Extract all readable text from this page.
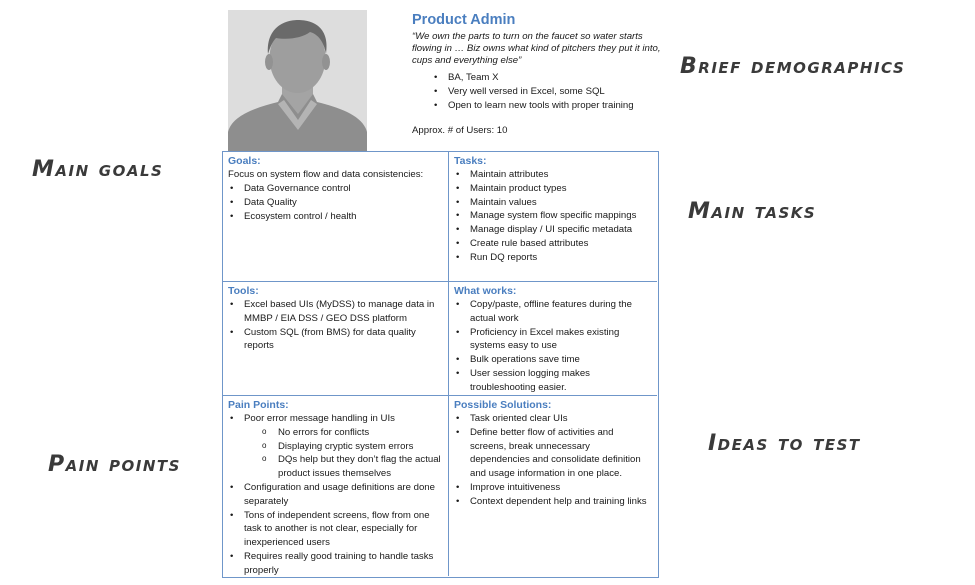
Product Admin
“We own the parts to turn on the faucet so water starts flowing in … Biz owns what kind of pitchers they put it into, cups and everything else”
• BA, Team X
• Very well versed in Excel, some SQL
• Open to learn new tools with proper training
Approx. # of Users: 10
Goals:
Focus on system flow and data consistencies:
• Data Governance control
• Data Quality
• Ecosystem control / health
Tasks:
• Maintain attributes
• Maintain product types
• Maintain values
• Manage system flow specific mappings
• Manage display / UI specific metadata
• Create rule based attributes
• Run DQ reports
Tools:
• Excel based UIs (MyDSS) to manage data in MMBP / EIA DSS / GEO DSS platform
• Custom SQL (from BMS) for data quality reports
What works:
• Copy/paste, offline features during the actual work
• Proficiency in Excel makes existing systems easy to use
• Bulk operations save time
• User session logging makes troubleshooting easier.
Pain Points:
• Poor error message handling in UIs
o No errors for conflicts
o Displaying cryptic system errors
o DQs help but they don’t flag the actual product issues themselves
• Configuration and usage definitions are done separately
• Tons of independent screens, flow from one task to another is not clear, especially for inexperienced users
• Requires really good training to handle tasks properly
Possible Solutions:
• Task oriented clear UIs
• Define better flow of activities and screens, break unnecessary dependencies and consolidate definition and usage information in one place.
• Improve intuitiveness
• Context dependent help and training links
Brief demographics
Main goals
Main tasks
Ideas to test
Pain points
